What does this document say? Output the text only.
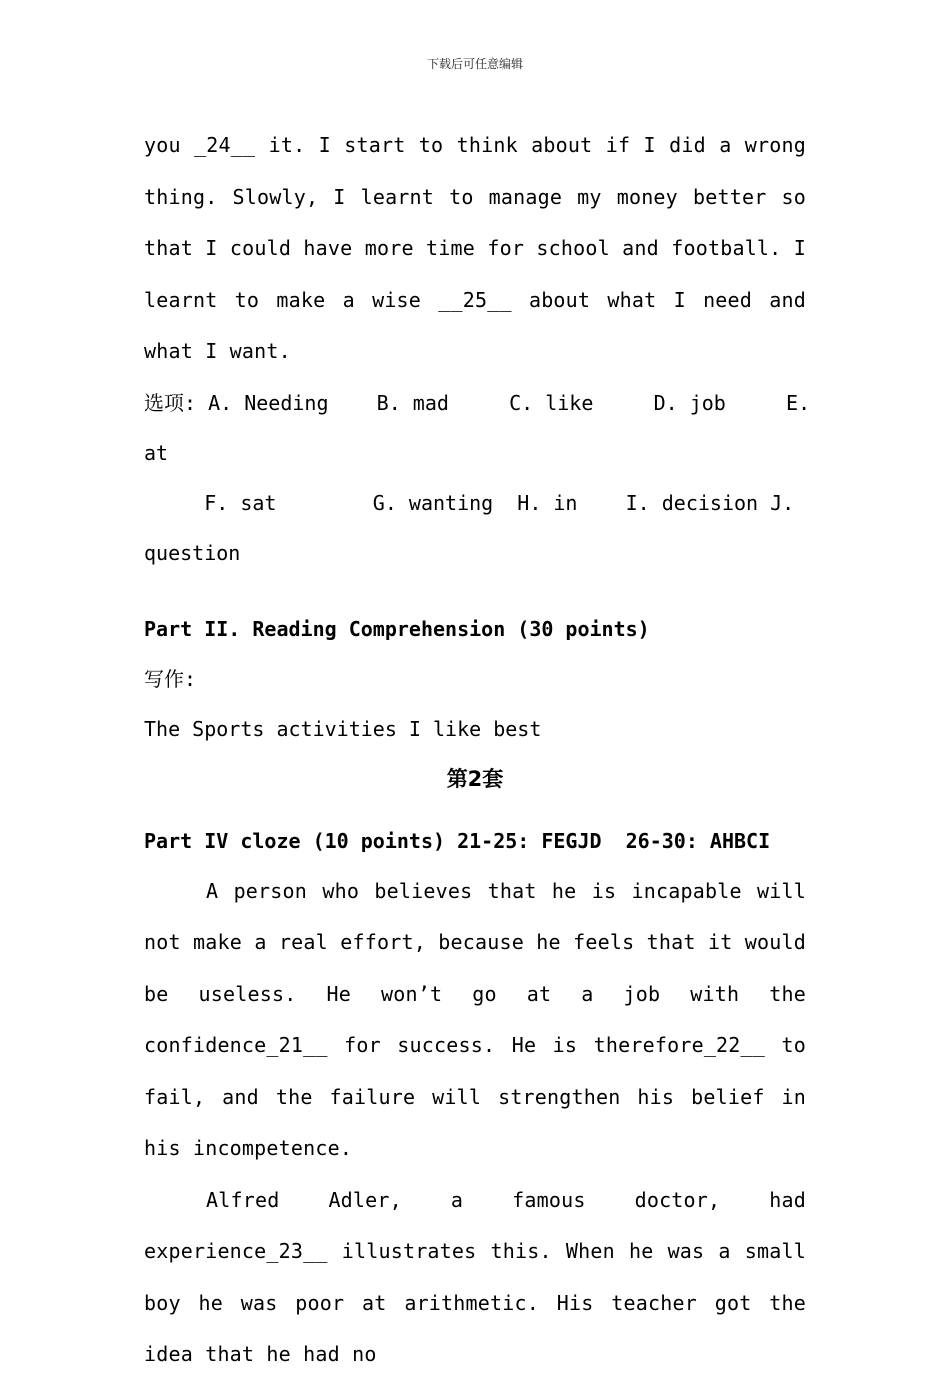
下载后可任意编辑
you _24__ it. I start to think about if I did a wrong thing. Slowly, I learnt to manage my money better so that I could have more time for school and football. I learnt to make a wise __25__ about what I need and what I want.
选项: A. Needing    B. mad     C. like     D. job     E.
at
F. sat        G. wanting  H. in    I. decision J.
question
Part II. Reading Comprehension (30 points)
写作:
The Sports activities I like best
第2套
Part IV cloze (10 points) 21-25: FEGJD  26-30: AHBCI
A person who believes that he is incapable will not make a real effort, because he feels that it would be useless. He won’t go at a job with the confidence_21__ for success. He is therefore_22__ to fail, and the failure will strengthen his belief in his incompetence.
Alfred Adler, a famous doctor, had experience_23__ illustrates this. When he was a small boy he was poor at arithmetic. His teacher got the idea that he had no
